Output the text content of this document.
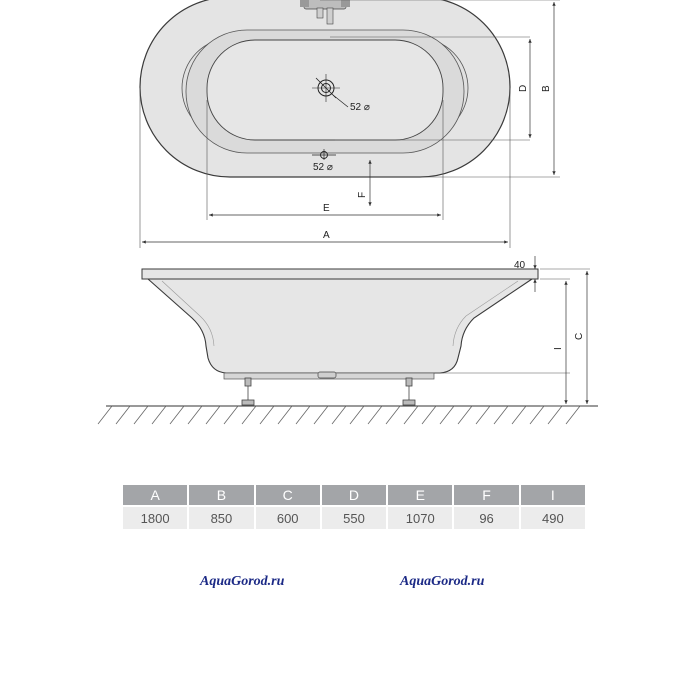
52 ⌀
52 ⌀
A
E
B
D
F
40
I
C
A	B	C	D	E	F	I
1800	850	600	550	1070	96	490
AquaGorod.ru	AquaGorod.ru
